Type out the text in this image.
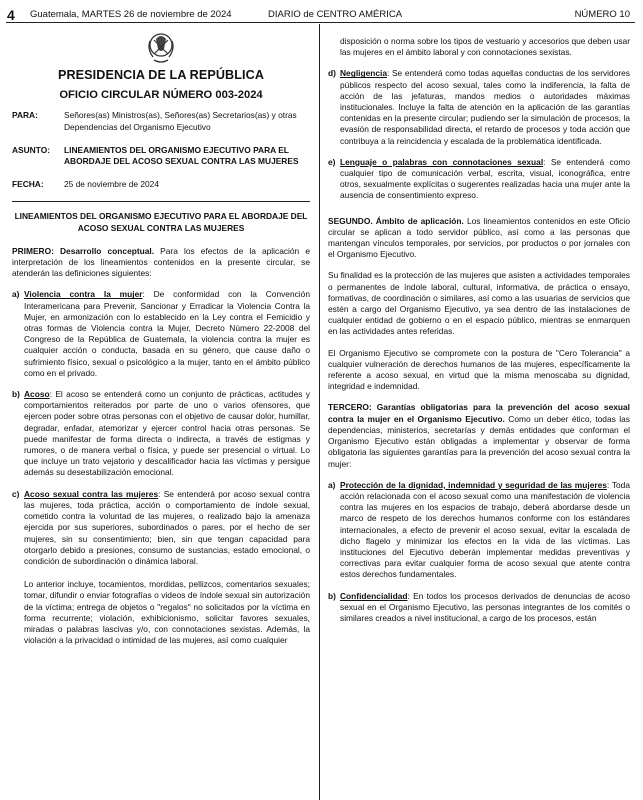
4 Guatemala, MARTES 26 de noviembre de 2024	DIARIO de CENTRO AMÉRICA	NÚMERO 10
PRESIDENCIA DE LA REPÚBLICA
OFICIO CIRCULAR NÚMERO 003-2024
PARA:	Señores(as) Ministros(as), Señores(as) Secretarios(as) y otras Dependencias del Organismo Ejecutivo
ASUNTO:	LINEAMIENTOS DEL ORGANISMO EJECUTIVO PARA EL ABORDAJE DEL ACOSO SEXUAL CONTRA LAS MUJERES
FECHA:	25 de noviembre de 2024
LINEAMIENTOS DEL ORGANISMO EJECUTIVO PARA EL ABORDAJE DEL ACOSO SEXUAL CONTRA LAS MUJERES

PRIMERO: Desarrollo conceptual. Para los efectos de la aplicación e interpretación de los lineamientos contenidos en la presente circular, se atenderán las definiciones siguientes:

a) Violencia contra la mujer: De conformidad con la Convención Interamericana para Prevenir, Sancionar y Erradicar la Violencia Contra la Mujer, en armonización con lo establecido en la Ley contra el Femicidio y otras formas de Violencia contra la Mujer, Decreto Número 22-2008 del Congreso de la República de Guatemala, la violencia contra la mujer es cualquier acción o conducta, basada en su género, que cause daño o sufrimiento físico, sexual o psicológico a la mujer, tanto en el ámbito público como en el privado.
b) Acoso: El acoso se entenderá como un conjunto de prácticas, actitudes y comportamientos reiterados por parte de uno o varios ofensores, que ejercen poder sobre otras personas con el objetivo de causar dolor, humillar, degradar, enfadar, atemorizar y ejercer control hacia otras personas. Se puede manifestar de forma directa o indirecta, a través de estigmas y rumores, o de manera verbal o física, y puede ser presencial o virtual. Lo que incluye un trato vejatorio y descalificador hacia las víctimas y persigue además su desestabilización emocional.
c) Acoso sexual contra las mujeres: Se entenderá por acoso sexual contra las mujeres, toda práctica, acción o comportamiento de índole sexual, cometido contra la voluntad de las mujeres, o realizado bajo la amenaza ejercida por sus superiores, subordinados o pares, por el hecho de ser mujeres, sin su consentimiento; bien, sin que tengan capacidad para otorgarlo debido a presiones, consumo de sustancias, estado emocional, o condición de subordinación o dinámica laboral.

Lo anterior incluye, tocamientos, mordidas, pellizcos, comentarios sexuales; tomar, difundir o enviar fotografías o videos de índole sexual sin autorización de la víctima; entrega de objetos o "regalos" no solicitados por la víctima en forma recurrente; violación, exhibicionismo, solicitar favores sexuales, miradas o palabras lascivas y/o, con connotaciones sexistas. Además, la violación a la privacidad o intimidad de las mujeres, así como cualquier

disposición o norma sobre los tipos de vestuario y accesorios que deben usar las mujeres en el ámbito laboral y con connotaciones sexistas.

d) Negligencia: Se entenderá como todas aquellas conductas de los servidores públicos respecto del acoso sexual, tales como la indiferencia, la falta de acción de las jefaturas, mandos medios o autoridades máximas institucionales. Incluye la falta de atención en la aplicación de las garantías contenidas en la presente circular; pudiendo ser la simulación de procesos, la evasión de responsabilidad directa, el retardo de procesos y toda acción que contribuya a la reincidencia y escalada de la problemática identificada.
e) Lenguaje o palabras con connotaciones sexual: Se entenderá como cualquier tipo de comunicación verbal, escrita, visual, iconográfica, entre otros, sexualmente explícitas o sugerentes realizadas hacia una mujer ante la ausencia de consentimiento expreso.

SEGUNDO. Ámbito de aplicación. Los lineamientos contenidos en este Oficio circular se aplican a todo servidor público, así como a las personas que mantengan vínculos temporales, por servicios, por productos o por jornales con el Organismo Ejecutivo.

Su finalidad es la protección de las mujeres que asisten a actividades temporales o permanentes de índole laboral, cultural, informativa, de práctica o ensayo, formativas, de coordinación o similares, así como a las usuarias de servicios que estén a cargo del Organismo Ejecutivo, ya sea dentro de las instalaciones de cualquier entidad de gobierno o en el espacio público, mientras se enmarquen en las actividades antes referidas.

El Organismo Ejecutivo se compromete con la postura de "Cero Tolerancia" a cualquier vulneración de derechos humanos de las mujeres, específicamente la referente a acoso sexual, en virtud que la misma menoscaba su dignidad, integridad e indemnidad.

TERCERO: Garantías obligatorias para la prevención del acoso sexual contra la mujer en el Organismo Ejecutivo. Como un deber ético, todas las dependencias, ministerios, secretarías y demás entidades que conforman el Organismo Ejecutivo están obligadas a implementar y observar de forma obligatoria las siguientes garantías para la prevención del acoso sexual contra la mujer:

a) Protección de la dignidad, indemnidad y seguridad de las mujeres: Toda acción relacionada con el acoso sexual como una manifestación de violencia contra las mujeres en los espacios de trabajo, deberá abordarse desde un marco de respeto de los derechos humanos conforme con los estándares internacionales, a efecto de prevenir el acoso sexual, evitar la escalada de dicho flagelo y minimizar los efectos en la vida de las víctimas. Las instituciones del Ejecutivo deberán implementar medidas preventivas y correctivas para evitar cualquier forma de acoso sexual que atente contra estos derechos fundamentales.
b) Confidencialidad: En todos los procesos derivados de denuncias de acoso sexual en el Organismo Ejecutivo, las personas integrantes de los comités o similares creados a nivel institucional, a cargo de los procesos, están
